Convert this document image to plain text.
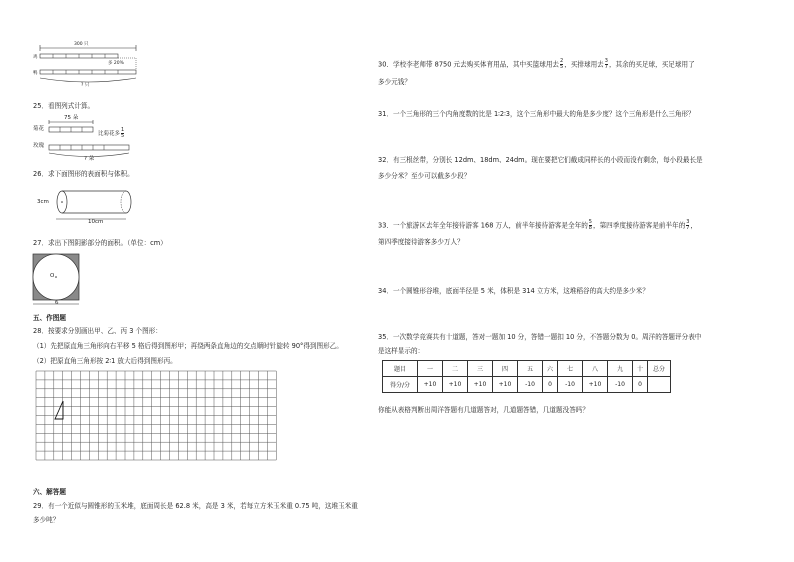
300 只
鸡
鸭
多 20%
? 只
25．看图列式计算。
75 朵
菊花
玫瑰
比菊花多 $\frac{1}{5}$
? 朵
26．求下面图形的表面积与体积。
3cm
10cm
27．求出下图阴影部分的面积。（单位：cm）
O
6
五、作图题
28．按要求分别画出甲、乙、丙 3 个图形：
（1）先把原直角三角形向右平移 5 格后得到图形甲；再绕两条直角边的交点顺时针旋转 90°得到图形乙。
（2）把原直角三角形按 2∶1 放大后得到图形丙。
六、解答题
29．有一个近似与圆锥形的玉米堆，底面周长是 62.8 米，高是 3 米，若每立方米玉米重 0.75 吨，这堆玉米重
多少吨？
30．学校李老师带 8750 元去购买体育用品，其中买篮球用去 $\frac{2}{5}$ ，买排球用去 $\frac{3}{7}$ ，其余的买足球，买足球用了
多少元钱？
31．一个三角形的三个内角度数的比是 1∶2∶3，这个三角形中最大的角是多少度？这个三角形是什么三角形？
32．有三根丝带，分别长 12dm、18dm、24dm。现在要把它们截成同样长的小段而没有剩余，每小段最长是
多少分米？至少可以截多少段？
33．一个旅游区去年全年接待游客 168 万人，前半年接待游客是全年的 $\frac{5}{8}$ ，第四季度接待游客是前半年的 $\frac{3}{7}$ ，
第四季度接待游客多少万人？
34．一个圆锥形谷堆，底面半径是 5 米，体积是 314 立方米，这堆稻谷的高大约是多少米？
35．一次数学竞赛共有十道题，答对一题加 10 分，答错一题扣 10 分，不答题分数为 0。周洋的答题评分表中
是这样显示的：
题目	一	二	三	四	五	六	七	八	九	十	总分
得分/分	+10	+10	+10	+10	-10	0	-10	+10	-10	0	
你能从表格判断出周洋答题有几道题答对，几道题答错，几道题没答吗？
